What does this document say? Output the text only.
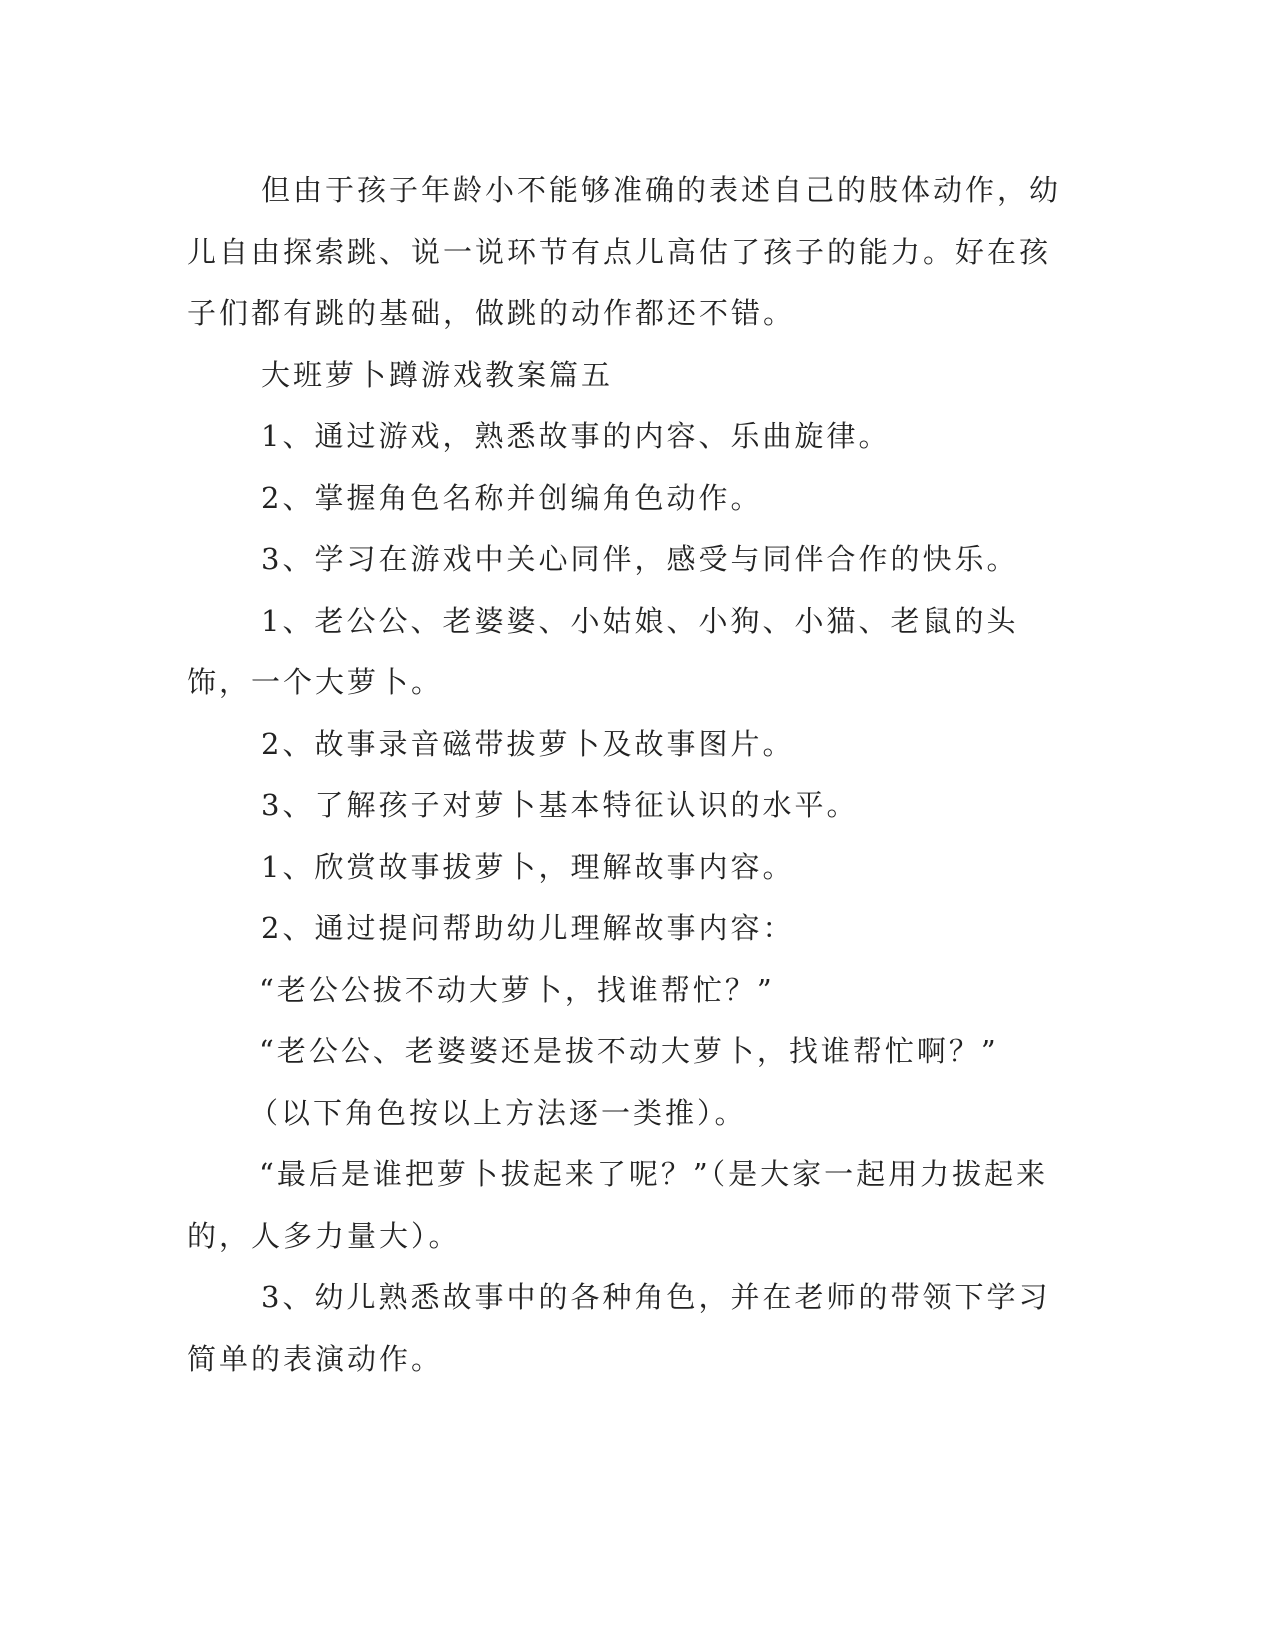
但由于孩子年龄小不能够准确的表述自己的肢体动作，幼儿自由探索跳、说一说环节有点儿高估了孩子的能力。好在孩子们都有跳的基础，做跳的动作都还不错。

大班萝卜蹲游戏教案篇五

1、通过游戏，熟悉故事的内容、乐曲旋律。

2、掌握角色名称并创编角色动作。

3、学习在游戏中关心同伴，感受与同伴合作的快乐。

1、老公公、老婆婆、小姑娘、小狗、小猫、老鼠的头饰，一个大萝卜。

2、故事录音磁带拔萝卜及故事图片。

3、了解孩子对萝卜基本特征认识的水平。

1、欣赏故事拔萝卜，理解故事内容。

2、通过提问帮助幼儿理解故事内容：

“老公公拔不动大萝卜，找谁帮忙？”

“老公公、老婆婆还是拔不动大萝卜，找谁帮忙啊？”

（以下角色按以上方法逐一类推）。

“最后是谁把萝卜拔起来了呢？”（是大家一起用力拔起来的，人多力量大）。

3、幼儿熟悉故事中的各种角色，并在老师的带领下学习简单的表演动作。
